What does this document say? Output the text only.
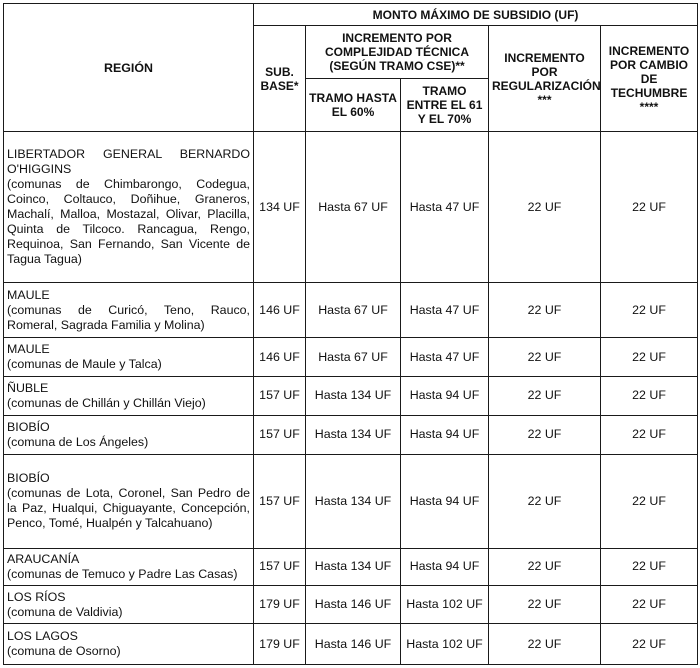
REGIÓN	MONTO MÁXIMO DE SUBSIDIO (UF)				
	SUB. BASE*	INCREMENTO POR COMPLEJIDAD TÉCNICA (SEGÚN TRAMO CSE)**		INCREMENTO POR REGULARIZACIÓN ***	INCREMENTO POR CAMBIO DE TECHUMBRE ****
		TRAMO HASTA EL 60%	TRAMO ENTRE EL 61 Y EL 70%		

LIBERTADOR GENERAL BERNARDO O'HIGGINS
(comunas de Chimbarongo, Codegua, Coinco, Coltauco, Doñihue, Graneros, Machalí, Malloa, Mostazal, Olivar, Placilla, Quinta de Tilcoco. Rancagua, Rengo, Requinoa, San Fernando, San Vicente de Tagua Tagua)	134 UF	Hasta 67 UF	Hasta 47 UF	22 UF	22 UF

MAULE
(comunas de Curicó, Teno, Rauco, Romeral, Sagrada Familia y Molina)	146 UF	Hasta 67 UF	Hasta 47 UF	22 UF	22 UF

MAULE
(comunas de Maule y Talca)	146 UF	Hasta 67 UF	Hasta 47 UF	22 UF	22 UF

ÑUBLE
(comunas de Chillán y Chillán Viejo)	157 UF	Hasta 134 UF	Hasta 94 UF	22 UF	22 UF

BIOBÍO
(comuna de Los Ángeles)	157 UF	Hasta 134 UF	Hasta 94 UF	22 UF	22 UF

BIOBÍO
(comunas de Lota, Coronel, San Pedro de la Paz, Hualqui, Chiguayante, Concepción, Penco, Tomé, Hualpén y Talcahuano)	157 UF	Hasta 134 UF	Hasta 94 UF	22 UF	22 UF

ARAUCANÍA
(comunas de Temuco y Padre Las Casas)	157 UF	Hasta 134 UF	Hasta 94 UF	22 UF	22 UF

LOS RÍOS
(comuna de Valdivia)	179 UF	Hasta 146 UF	Hasta 102 UF	22 UF	22 UF

LOS LAGOS
(comuna de Osorno)	179 UF	Hasta 146 UF	Hasta 102 UF	22 UF	22 UF
